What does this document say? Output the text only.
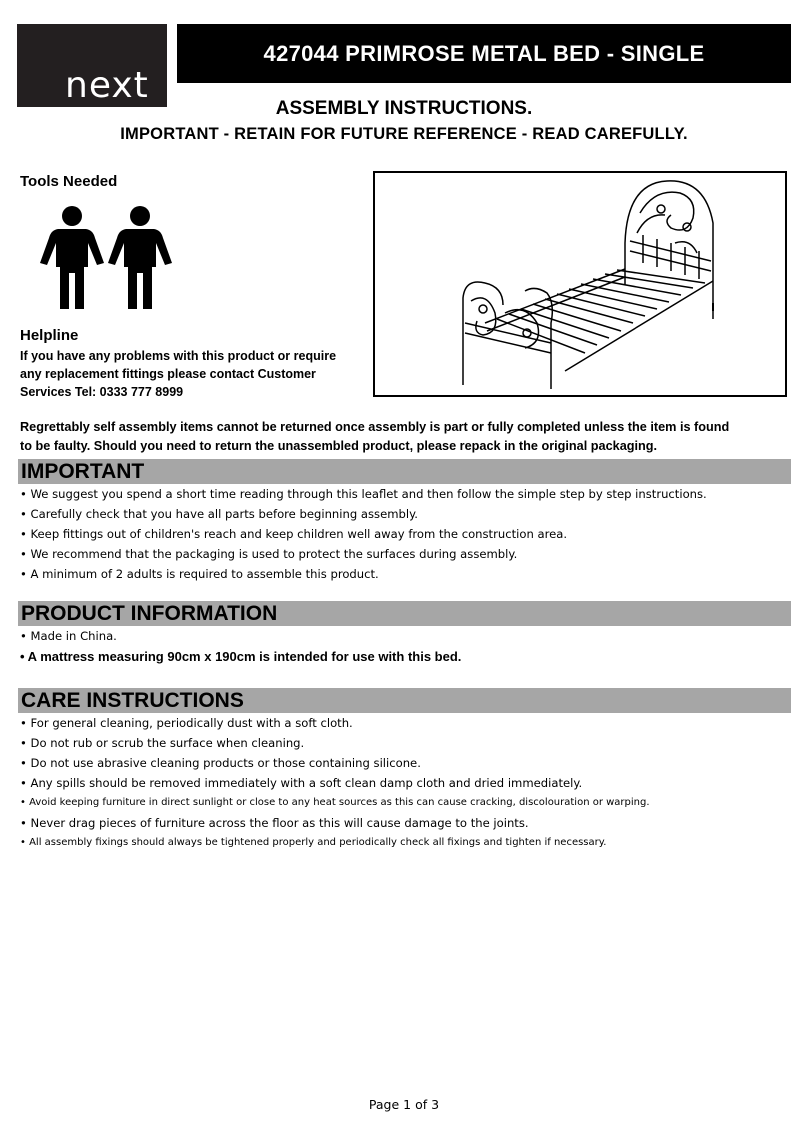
next
427044 PRIMROSE METAL BED - SINGLE
ASSEMBLY INSTRUCTIONS.
IMPORTANT - RETAIN FOR FUTURE REFERENCE - READ CAREFULLY.
Tools Needed
Helpline
If you have any problems with this product or require
any replacement fittings please contact Customer
Services Tel: 0333 777 8999
Regrettably self assembly items cannot be returned once assembly is part or fully completed unless the item is found
to be faulty. Should you need to return the unassembled product, please repack in the original packaging.
IMPORTANT
• We suggest you spend a short time reading through this leaflet and then follow the simple step by step instructions.
• Carefully check that you have all parts before beginning assembly.
• Keep fittings out of children's reach and keep children well away from the construction area.
• We recommend that the packaging is used to protect the surfaces during assembly.
• A minimum of 2 adults is required to assemble this product.
PRODUCT INFORMATION
• Made in China.
• A mattress measuring 90cm x 190cm is intended for use with this bed.
CARE INSTRUCTIONS
• For general cleaning, periodically dust with a soft cloth.
• Do not rub or scrub the surface when cleaning.
• Do not use abrasive cleaning products or those containing silicone.
• Any spills should be removed immediately with a soft clean damp cloth and dried immediately.
• Avoid keeping furniture in direct sunlight or close to any heat sources as this can cause cracking, discolouration or warping.
• Never drag pieces of furniture across the floor as this will cause damage to the joints.
• All assembly fixings should always be tightened properly and periodically check all fixings and tighten if necessary.
Page 1 of 3
